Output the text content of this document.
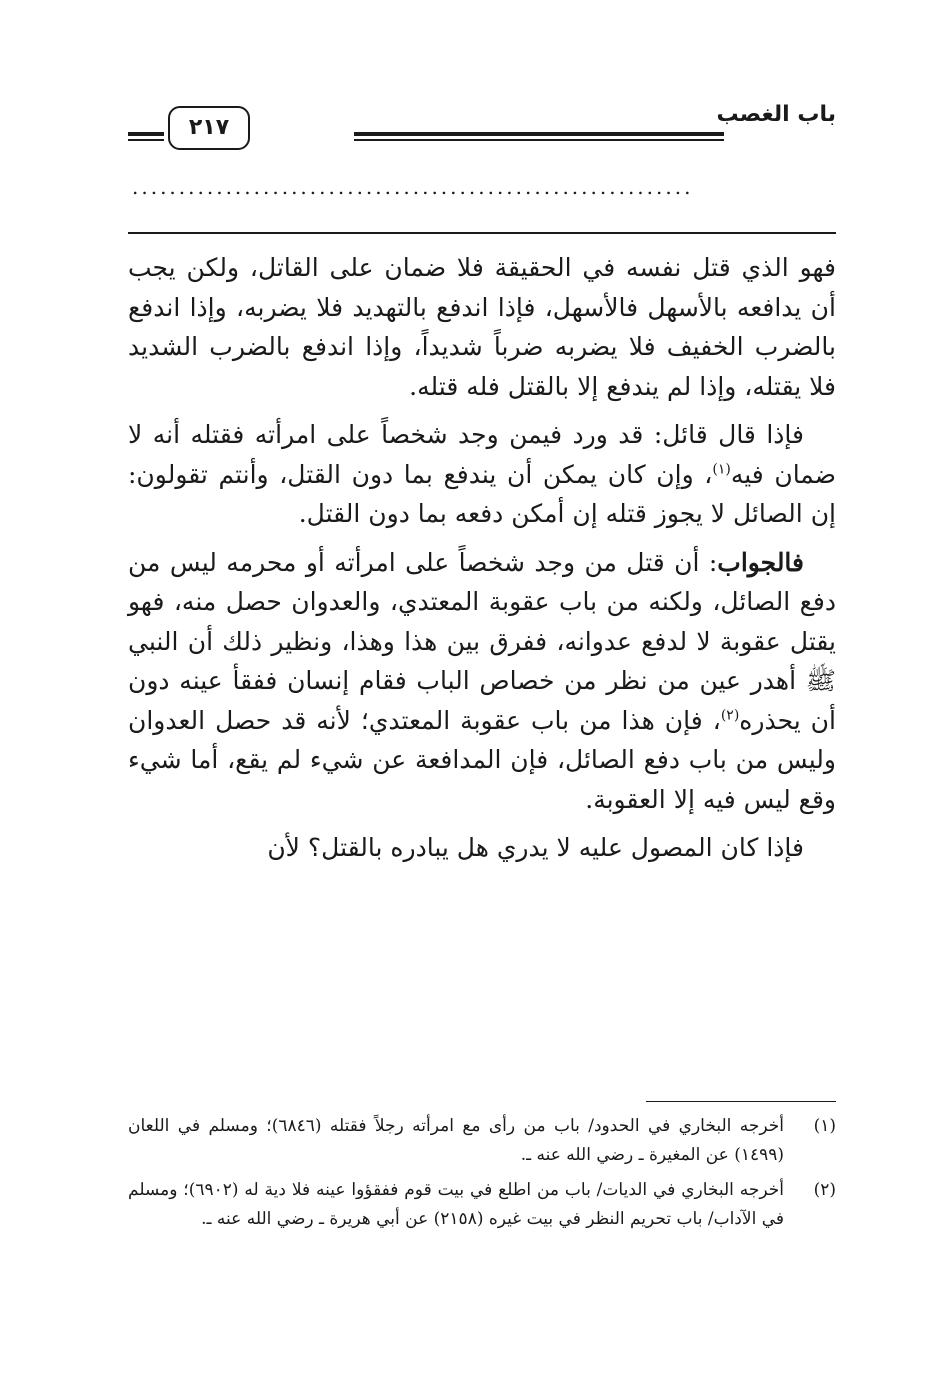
باب الغصب
٢١٧
............................................................

فهو الذي قتل نفسه في الحقيقة فلا ضمان على القاتل، ولكن يجب أن يدافعه بالأسهل فالأسهل، فإذا اندفع بالتهديد فلا يضربه، وإذا اندفع بالضرب الخفيف فلا يضربه ضرباً شديداً، وإذا اندفع بالضرب الشديد فلا يقتله، وإذا لم يندفع إلا بالقتل فله قتله.

فإذا قال قائل: قد ورد فيمن وجد شخصاً على امرأته فقتله أنه لا ضمان فيه$^{(١)}$، وإن كان يمكن أن يندفع بما دون القتل، وأنتم تقولون: إن الصائل لا يجوز قتله إن أمكن دفعه بما دون القتل.

فالجواب: أن قتل من وجد شخصاً على امرأته أو محرمه ليس من دفع الصائل، ولكنه من باب عقوبة المعتدي، والعدوان حصل منه، فهو يقتل عقوبة لا لدفع عدوانه، ففرق بين هذا وهذا، ونظير ذلك أن النبي ﷺ أهدر عين من نظر من خصاص الباب فقام إنسان ففقأ عينه دون أن يحذره$^{(٢)}$، فإن هذا من باب عقوبة المعتدي؛ لأنه قد حصل العدوان وليس من باب دفع الصائل، فإن المدافعة عن شيء لم يقع، أما شيء وقع ليس فيه إلا العقوبة.

فإذا كان المصول عليه لا يدري هل يبادره بالقتل؟ لأن

(١)
أخرجه البخاري في الحدود/ باب من رأى مع امرأته رجلاً فقتله (٦٨٤٦)؛ ومسلم في اللعان (١٤٩٩) عن المغيرة ـ رضي الله عنه ـ.
(٢)
أخرجه البخاري في الديات/ باب من اطلع في بيت قوم ففقؤوا عينه فلا دية له (٦٩٠٢)؛ ومسلم في الآداب/ باب تحريم النظر في بيت غيره (٢١٥٨) عن أبي هريرة ـ رضي الله عنه ـ.
